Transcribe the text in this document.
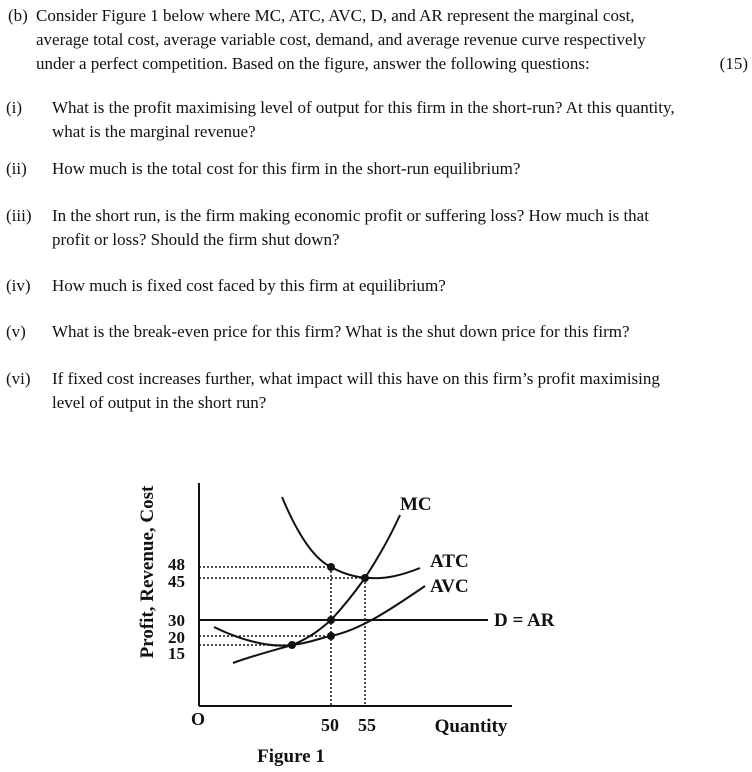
(b) Consider Figure 1 below where MC, ATC, AVC, D, and AR represent the marginal cost,
average total cost, average variable cost, demand, and average revenue curve respectively
under a perfect competition. Based on the figure, answer the following questions:	(15)
(i) What is the profit maximising level of output for this firm in the short-run? At this quantity,
what is the marginal revenue?
(ii) How much is the total cost for this firm in the short-run equilibrium?
(iii) In the short run, is the firm making economic profit or suffering loss? How much is that
profit or loss? Should the firm shut down?
(iv) How much is fixed cost faced by this firm at equilibrium?
(v) What is the break-even price for this firm? What is the shut down price for this firm?
(vi) If fixed cost increases further, what impact will this have on this firm’s profit maximising
level of output in the short run?
Profit, Revenue, Cost 48
45
30
20
15
D = AR
ATC
AVC
MC
50 55
O	Quantity
Figure 1
